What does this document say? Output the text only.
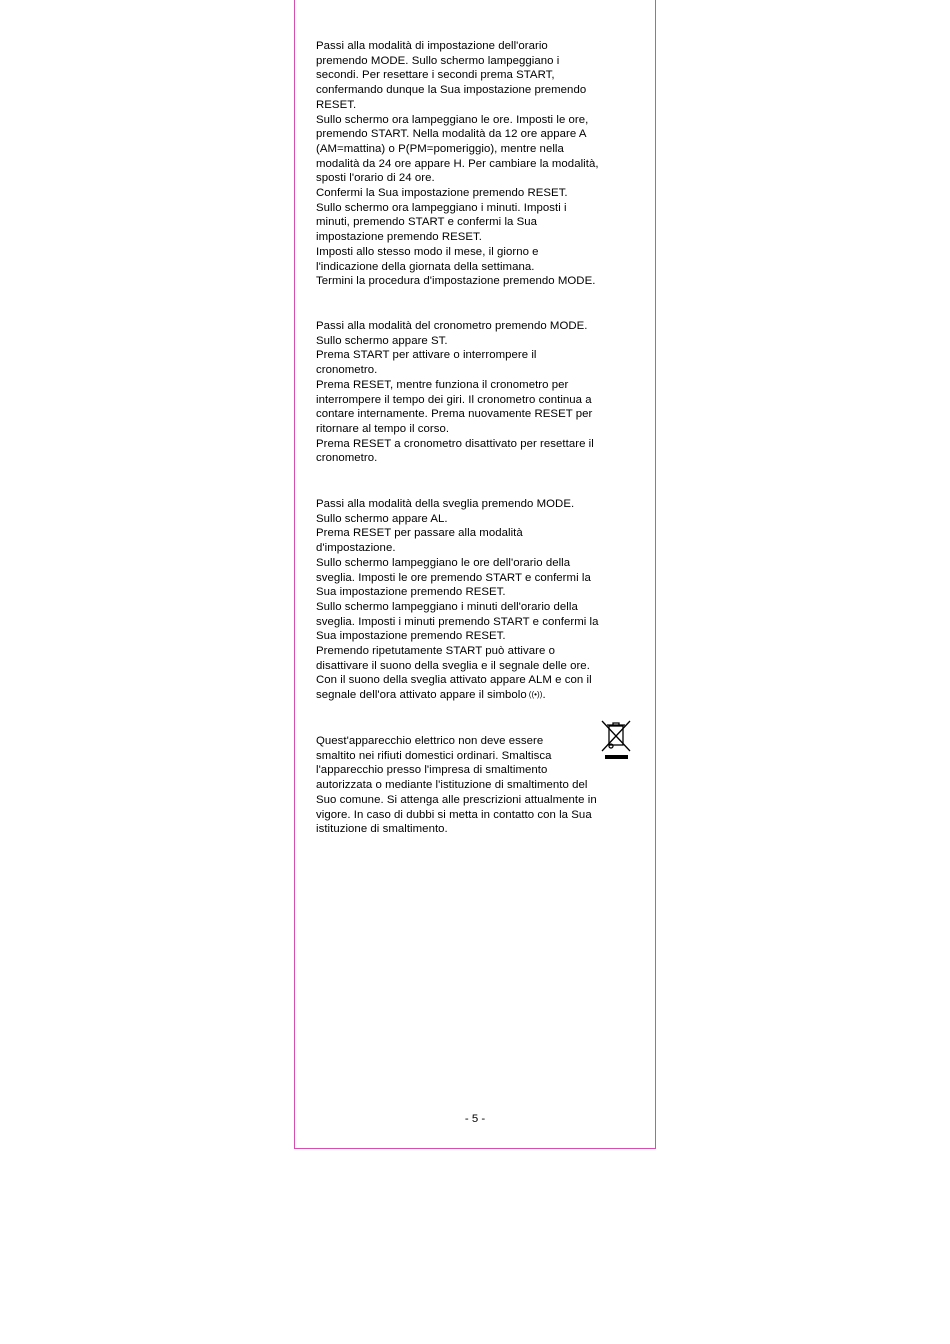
Passi alla modalità di impostazione dell'orario
premendo MODE. Sullo schermo lampeggiano i
secondi. Per resettare i secondi prema START,
confermando dunque la Sua impostazione premendo
RESET.
Sullo schermo ora lampeggiano le ore. Imposti le ore,
premendo START. Nella modalità da 12 ore appare A
(AM=mattina) o P(PM=pomeriggio), mentre nella
modalità da 24 ore appare H. Per cambiare la modalità,
sposti l'orario di 24 ore.
Confermi la Sua impostazione premendo RESET.
Sullo schermo ora lampeggiano i minuti. Imposti i
minuti, premendo START e confermi la Sua
impostazione premendo RESET.
Imposti allo stesso modo il mese, il giorno e
l'indicazione della giornata della settimana.
Termini la procedura d'impostazione premendo MODE.
Passi alla modalità del cronometro premendo MODE.
Sullo schermo appare ST.
Prema START per attivare o interrompere il
cronometro.
Prema RESET, mentre funziona il cronometro per
interrompere il tempo dei giri. Il cronometro continua a
contare internamente. Prema nuovamente RESET per
ritornare al tempo il corso.
Prema RESET a cronometro disattivato per resettare il
cronometro.
Passi alla modalità della sveglia premendo MODE.
Sullo schermo appare AL.
Prema RESET per passare alla modalità
d'impostazione.
Sullo schermo lampeggiano le ore dell'orario della
sveglia. Imposti le ore premendo START e confermi la
Sua impostazione premendo RESET.
Sullo schermo lampeggiano i minuti dell'orario della
sveglia. Imposti i minuti premendo START e confermi la
Sua impostazione premendo RESET.
Premendo ripetutamente START può attivare o
disattivare il suono della sveglia e il segnale delle ore.
Con il suono della sveglia attivato appare ALM e con il
segnale dell'ora attivato appare il simbolo ((•)).
Quest'apparecchio elettrico non deve essere
smaltito nei rifiuti domestici ordinari. Smaltisca
l'apparecchio presso l'impresa di smaltimento
autorizzata o mediante l'istituzione di smaltimento del
Suo comune. Si attenga alle prescrizioni attualmente in
vigore. In caso di dubbi si metta in contatto con la Sua
istituzione di smaltimento.
- 5 -
